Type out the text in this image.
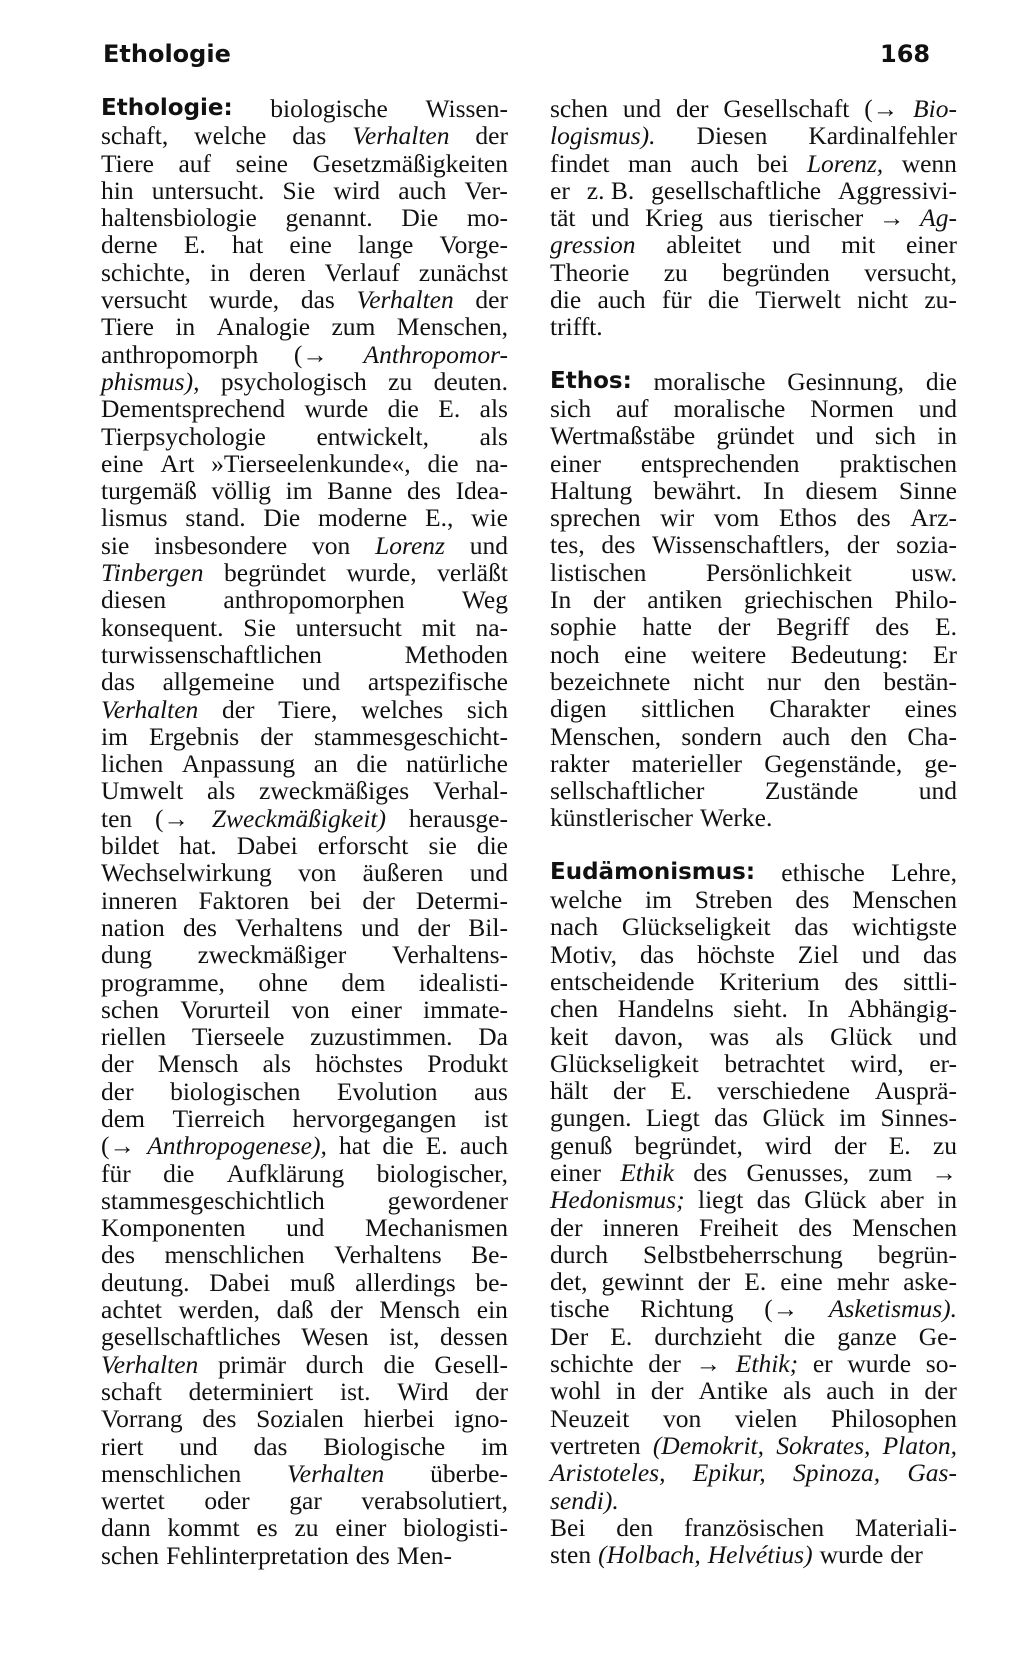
Ethologie	168
Ethologie: biologische Wissen-
schaft, welche das Verhalten der
Tiere auf seine Gesetzmäßigkeiten
hin untersucht. Sie wird auch Ver-
haltensbiologie genannt. Die mo-
derne E. hat eine lange Vorge-
schichte, in deren Verlauf zunächst
versucht wurde, das Verhalten der
Tiere in Analogie zum Menschen,
anthropomorph (→ Anthropomor-
phismus), psychologisch zu deuten.
Dementsprechend wurde die E. als
Tierpsychologie entwickelt, als
eine Art »Tierseelenkunde«, die na-
turgemäß völlig im Banne des Idea-
lismus stand. Die moderne E., wie
sie insbesondere von Lorenz und
Tinbergen begründet wurde, verläßt
diesen anthropomorphen Weg
konsequent. Sie untersucht mit na-
turwissenschaftlichen	Methoden
das allgemeine und artspezifische
Verhalten der Tiere, welches sich
im Ergebnis der stammesgeschicht-
lichen Anpassung an die natürliche
Umwelt als zweckmäßiges Verhal-
ten (→ Zweckmäßigkeit) herausge-
bildet hat. Dabei erforscht sie die
Wechselwirkung von äußeren und
inneren Faktoren bei der Determi-
nation des Verhaltens und der Bil-
dung zweckmäßiger Verhaltens-
programme, ohne dem idealisti-
schen Vorurteil von einer immate-
riellen Tierseele zuzustimmen. Da
der Mensch als höchstes Produkt
der biologischen Evolution aus
dem Tierreich hervorgegangen ist
(→ Anthropogenese), hat die E. auch
für die Aufklärung biologischer,
stammesgeschichtlich gewordener
Komponenten und Mechanismen
des menschlichen Verhaltens Be-
deutung. Dabei muß allerdings be-
achtet werden, daß der Mensch ein
gesellschaftliches Wesen ist, dessen
Verhalten primär durch die Gesell-
schaft determiniert ist. Wird der
Vorrang des Sozialen hierbei igno-
riert und das Biologische im
menschlichen Verhalten überbe-
wertet oder gar verabsolutiert,
dann kommt es zu einer biologisti-
schen Fehlinterpretation des Men-
schen und der Gesellschaft (→ Bio-
logismus). Diesen Kardinalfehler
findet man auch bei Lorenz, wenn
er z. B. gesellschaftliche Aggressivi-
tät und Krieg aus tierischer → Ag-
gression ableitet und mit einer
Theorie zu begründen versucht,
die auch für die Tierwelt nicht zu-
trifft.
Ethos: moralische Gesinnung, die
sich auf moralische Normen und
Wertmaßstäbe gründet und sich in
einer entsprechenden praktischen
Haltung bewährt. In diesem Sinne
sprechen wir vom Ethos des Arz-
tes, des Wissenschaftlers, der sozia-
listischen Persönlichkeit usw.
In der antiken griechischen Philo-
sophie hatte der Begriff des E.
noch eine weitere Bedeutung: Er
bezeichnete nicht nur den bestän-
digen sittlichen Charakter eines
Menschen, sondern auch den Cha-
rakter materieller Gegenstände, ge-
sellschaftlicher Zustände und
künstlerischer Werke.
Eudämonismus: ethische Lehre,
welche im Streben des Menschen
nach Glückseligkeit das wichtigste
Motiv, das höchste Ziel und das
entscheidende Kriterium des sittli-
chen Handelns sieht. In Abhängig-
keit davon, was als Glück und
Glückseligkeit betrachtet wird, er-
hält der E. verschiedene Ausprä-
gungen. Liegt das Glück im Sinnes-
genuß begründet, wird der E. zu
einer Ethik des Genusses, zum →
Hedonismus; liegt das Glück aber in
der inneren Freiheit des Menschen
durch Selbstbeherrschung begrün-
det, gewinnt der E. eine mehr aske-
tische Richtung (→ Asketismus).
Der E. durchzieht die ganze Ge-
schichte der → Ethik; er wurde so-
wohl in der Antike als auch in der
Neuzeit von vielen Philosophen
vertreten (Demokrit, Sokrates, Platon,
Aristoteles, Epikur, Spinoza, Gas-
sendi).
Bei den französischen Materiali-
sten (Holbach, Helvétius) wurde der
